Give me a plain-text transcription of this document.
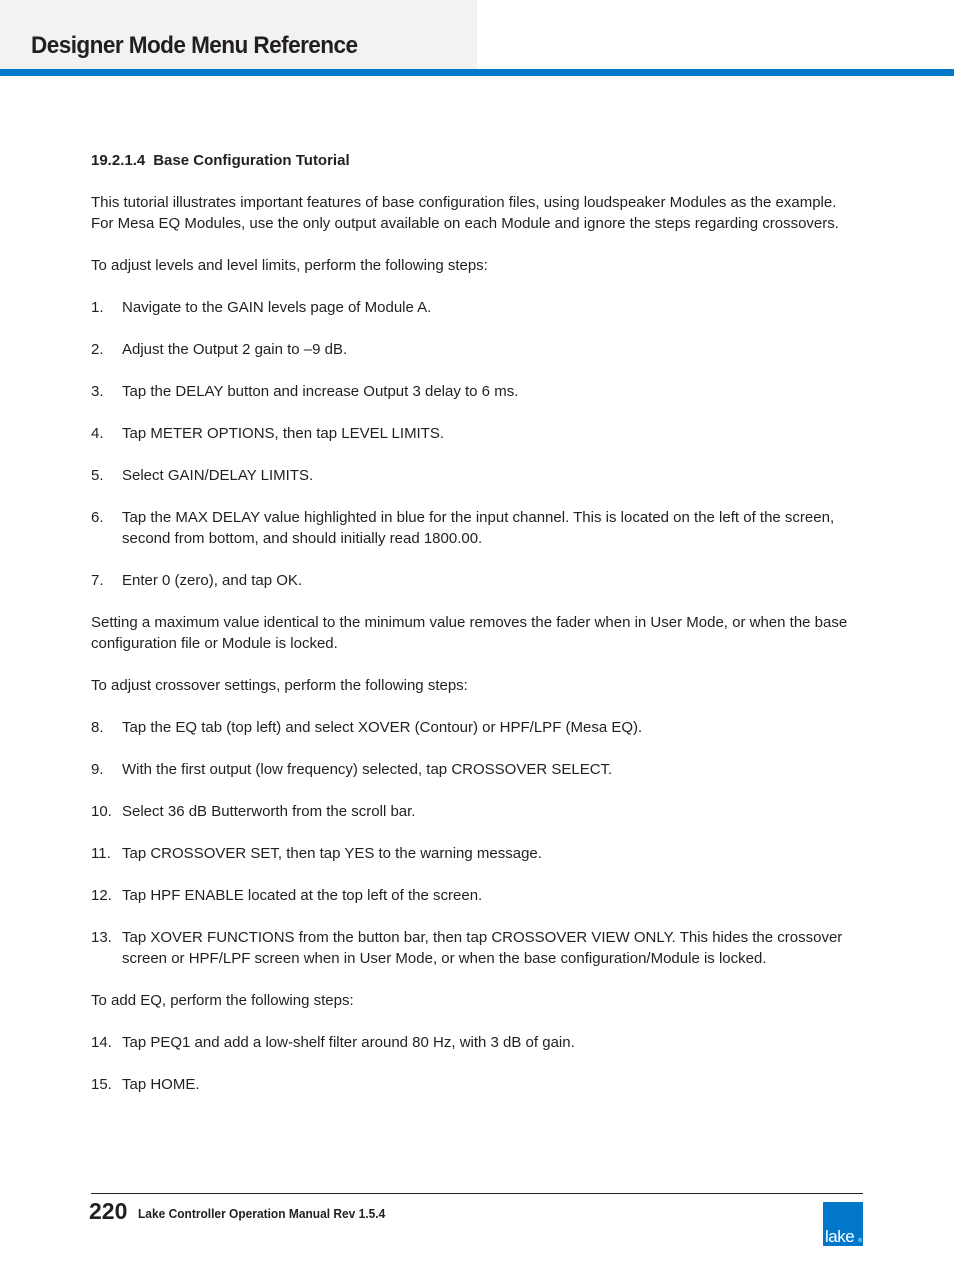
Designer Mode Menu Reference
19.2.1.4 Base Configuration Tutorial

This tutorial illustrates important features of base configuration files, using loudspeaker Modules as the example. For Mesa EQ Modules, use the only output available on each Module and ignore the steps regarding crossovers.

To adjust levels and level limits, perform the following steps:

1.	Navigate to the GAIN levels page of Module A.
2.	Adjust the Output 2 gain to –9 dB.
3.	Tap the DELAY button and increase Output 3 delay to 6 ms.
4.	Tap METER OPTIONS, then tap LEVEL LIMITS.
5.	Select GAIN/DELAY LIMITS.
6.	Tap the MAX DELAY value highlighted in blue for the input channel. This is located on the left of the screen, second from bottom, and should initially read 1800.00.
7.	Enter 0 (zero), and tap OK.

Setting a maximum value identical to the minimum value removes the fader when in User Mode, or when the base configuration file or Module is locked.

To adjust crossover settings, perform the following steps:

8.	Tap the EQ tab (top left) and select XOVER (Contour) or HPF/LPF (Mesa EQ).
9.	With the first output (low frequency) selected, tap CROSSOVER SELECT.
10. Select 36 dB Butterworth from the scroll bar.
11. Tap CROSSOVER SET, then tap YES to the warning message.
12. Tap HPF ENABLE located at the top left of the screen.
13. Tap XOVER FUNCTIONS from the button bar, then tap CROSSOVER VIEW ONLY. This hides the crossover screen or HPF/LPF screen when in User Mode, or when the base configuration/Module is locked.

To add EQ, perform the following steps:

14. Tap PEQ1 and add a low-shelf filter around 80 Hz, with 3 dB of gain.
15. Tap HOME.
220 Lake Controller Operation Manual Rev 1.5.4
lake ®
